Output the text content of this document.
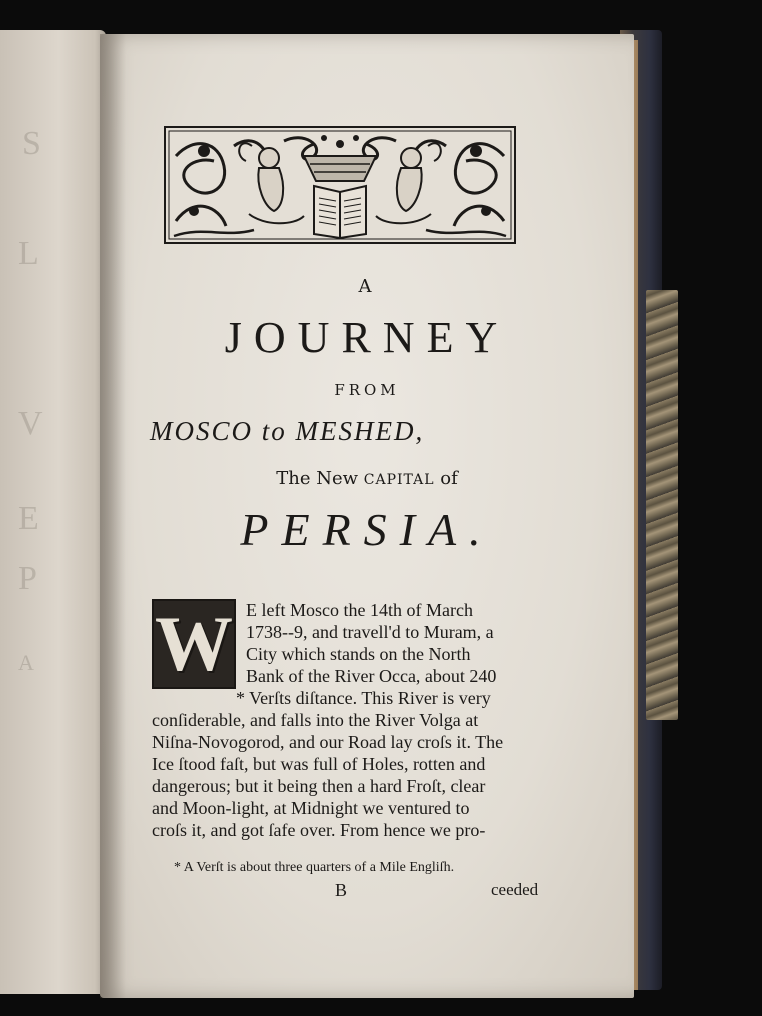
S
L
V
E
P
A
A
JOURNEY
FROM
MOSCO to MESHED,
The New CAPITAL of
PERSIA.
W E left Mosco the 14th of March
1738--9, and travell'd to Muram, a
City which stands on the North
Bank of the River Occa, about 240
* Verſts diſtance. This River is very
conſiderable, and falls into the River Volga at
Niſna-Novogorod, and our Road lay croſs it. The
Ice ſtood faſt, but was full of Holes, rotten and
dangerous; but it being then a hard Froſt, clear
and Moon-light, at Midnight we ventured to
croſs it, and got ſafe over. From hence we pro-
* A Verſt is about three quarters of a Mile Engliſh.
B	ceeded
